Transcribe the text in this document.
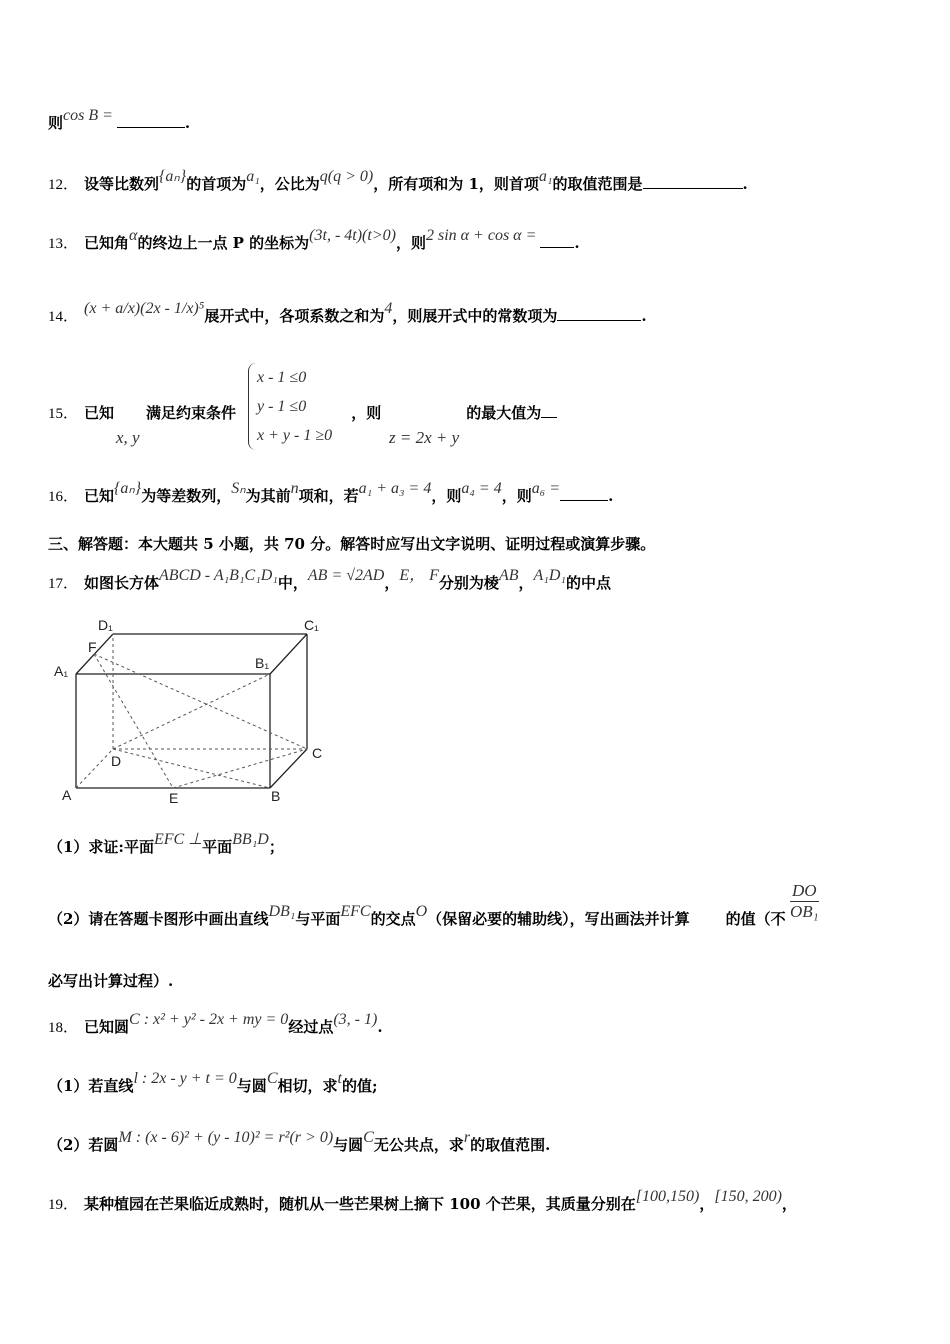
则cos B =	.
12． 设等比数列{aₙ}的首项为a₁，公比为q(q > 0)，所有项和为 1，则首项a₁的取值范围是	.
13． 已知角α的终边上一点 P 的坐标为(3t, - 4t)(t>0)，则2 sin α + cos α =	.
14． (x + a/x)(2x - 1/x)⁵展开式中，各项系数之和为4，则展开式中的常数项为	.
15． 已知 满足约束条件	，则	的最大值为
x, y
x - 1 ≤0
y - 1 ≤0
x + y - 1 ≥0	z = 2x + y
16． 已知{aₙ}为等差数列，Sₙ为其前n项和，若a₁ + a₃ = 4，则a₄ = 4，则a₆ =	.
三、解答题：本大题共 5 小题，共 70 分。解答时应写出文字说明、证明过程或演算步骤。
17． 如图长方体ABCD - A₁B₁C₁D₁中，AB = √2AD，E， F分别为棱AB，A₁D₁的中点
D₁	C₁
F
A₁	B₁
D	C
A	E	B
（1）求证:平面EFC ⊥平面BB₁D；
（2）请在答题卡图形中画出直线DB₁与平面EFC的交点O（保留必要的辅助线），写出画法并计算 的值（不 $\frac{DO}{\text{OB₁}}$
必写出计算过程）.
18． 已知圆C : x² + y² - 2x + my = 0经过点(3, - 1).
（1）若直线l : 2x - y + t = 0与圆C相切，求t的值;
（2）若圆M : (x - 6)² + (y - 10)² = r²(r > 0)与圆C无公共点，求r的取值范围.
19． 某种植园在芒果临近成熟时，随机从一些芒果树上摘下 100 个芒果，其质量分别在[100,150)，[150, 200)，
